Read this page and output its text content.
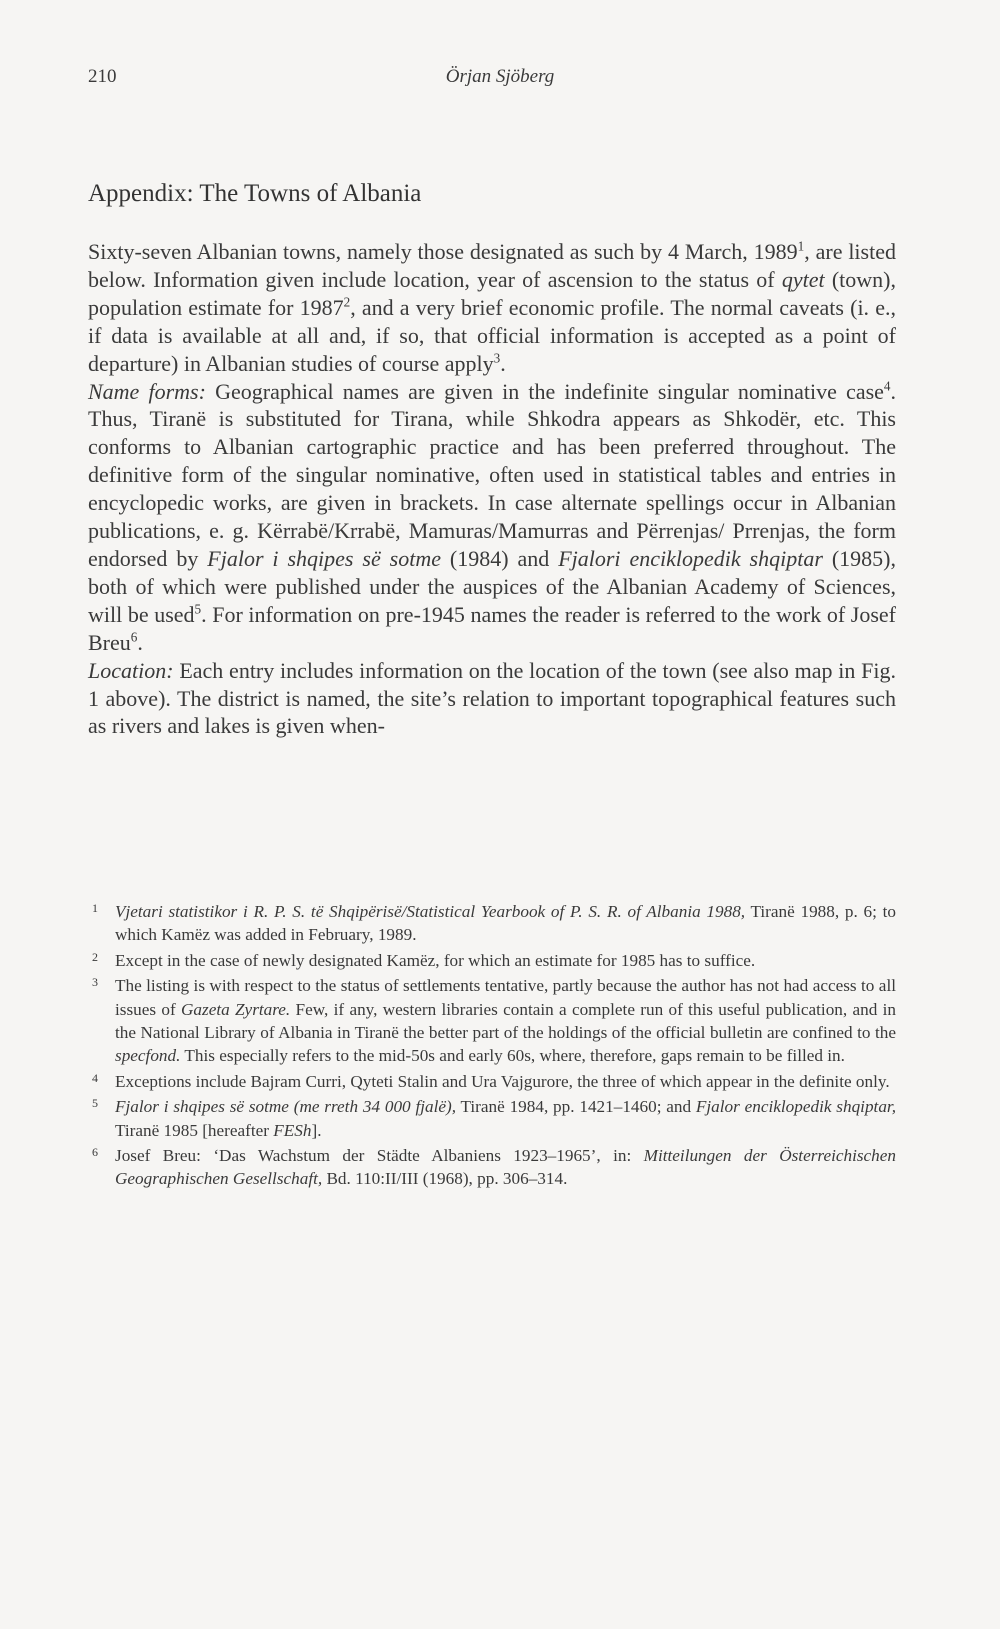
210	Örjan Sjöberg
Appendix: The Towns of Albania

Sixty-seven Albanian towns, namely those designated as such by 4 March, 1989$^1$, are listed below. Information given include location, year of ascension to the status of qytet (town), population estimate for 1987$^2$, and a very brief economic profile. The normal caveats (i. e., if data is available at all and, if so, that official information is accepted as a point of departure) in Albanian studies of course apply$^3$.

Name forms: Geographical names are given in the indefinite singular nominative case$^4$. Thus, Tiranë is substituted for Tirana, while Shkodra appears as Shkodër, etc. This conforms to Albanian cartographic practice and has been preferred throughout. The definitive form of the singular nominative, often used in statistical tables and entries in encyclopedic works, are given in brackets. In case alternate spellings occur in Albanian publications, e. g. Kërrabë/Krrabë, Mamuras/Mamurras and Përrenjas/ Prrenjas, the form endorsed by Fjalor i shqipes së sotme (1984) and Fjalori enciklopedik shqiptar (1985), both of which were published under the auspices of the Albanian Academy of Sciences, will be used$^5$. For information on pre-1945 names the reader is referred to the work of Josef Breu$^6$.

Location: Each entry includes information on the location of the town (see also map in Fig. 1 above). The district is named, the site’s relation to important topographical features such as rivers and lakes is given when-

1 Vjetari statistikor i R. P. S. të Shqipërisë/Statistical Yearbook of P. S. R. of Albania 1988, Tiranë 1988, p. 6; to which Kamëz was added in February, 1989.

2 Except in the case of newly designated Kamëz, for which an estimate for 1985 has to suffice.

3 The listing is with respect to the status of settlements tentative, partly because the author has not had access to all issues of Gazeta Zyrtare. Few, if any, western libraries contain a complete run of this useful publication, and in the National Library of Albania in Tiranë the better part of the holdings of the official bulletin are confined to the specfond. This especially refers to the mid-50s and early 60s, where, therefore, gaps remain to be filled in.

4 Exceptions include Bajram Curri, Qyteti Stalin and Ura Vajgurore, the three of which appear in the definite only.

5 Fjalor i shqipes së sotme (me rreth 34 000 fjalë), Tiranë 1984, pp. 1421–1460; and Fjalor enciklopedik shqiptar, Tiranë 1985 [hereafter FESh].

6 Josef Breu: ‘Das Wachstum der Städte Albaniens 1923–1965’, in: Mitteilungen der Österreichischen Geographischen Gesellschaft, Bd. 110:II/III (1968), pp. 306–314.
